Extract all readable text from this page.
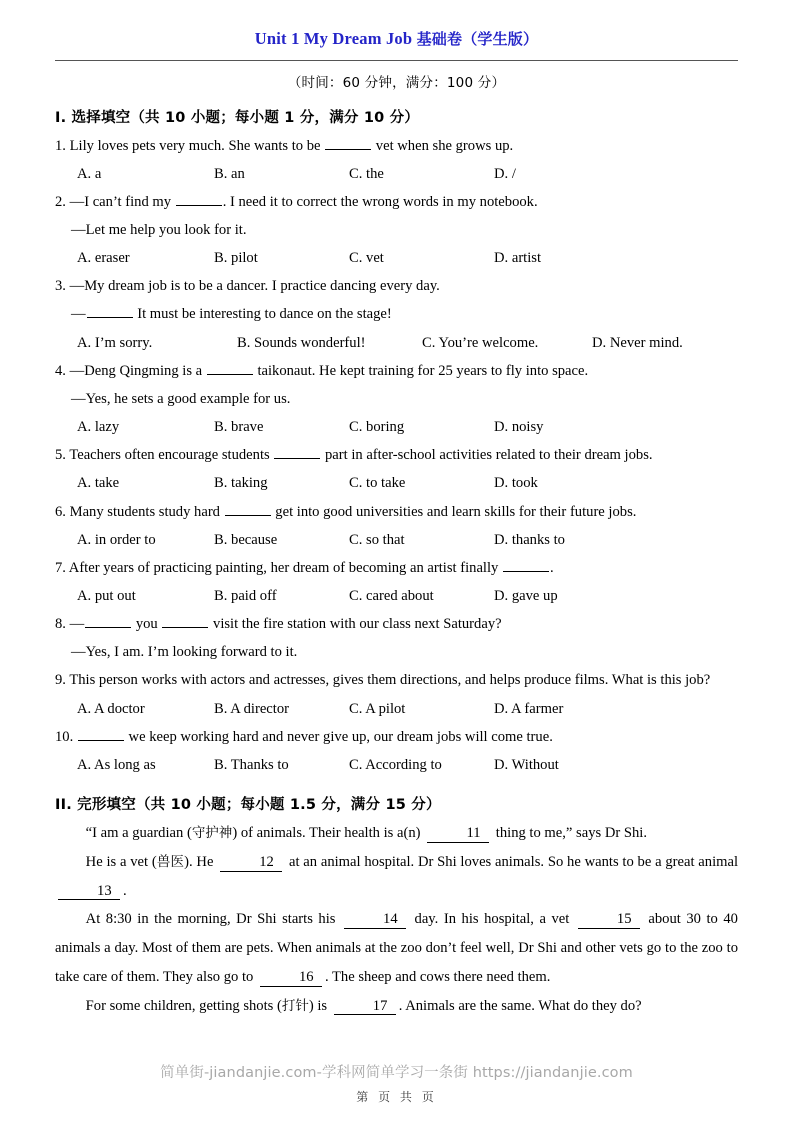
Unit 1 My Dream Job 基础卷（学生版）
（时间：60 分钟，满分：100 分）
I. 选择填空（共 10 小题；每小题 1 分，满分 10 分）
1. Lily loves pets very much. She wants to be	vet when she grows up.
A. a	B. an	C. the	D. /
2. —I can’t find my	. I need it to correct the wrong words in my notebook.
—Let me help you look for it.
A. eraser	B. pilot	C. vet	D. artist
3. —My dream job is to be a dancer. I practice dancing every day.
—	It must be interesting to dance on the stage!
A. I’m sorry.	B. Sounds wonderful!	C. You’re welcome.	D. Never mind.
4. —Deng Qingming is a	taikonaut. He kept training for 25 years to fly into space.
—Yes, he sets a good example for us.
A. lazy	B. brave	C. boring	D. noisy
5. Teachers often encourage students	part in after-school activities related to their dream jobs.
A. take	B. taking	C. to take	D. took
6. Many students study hard	get into good universities and learn skills for their future jobs.
A. in order to	B. because	C. so that	D. thanks to
7. After years of practicing painting, her dream of becoming an artist finally	.
A. put out	B. paid off	C. cared about	D. gave up
8. —	you	visit the fire station with our class next Saturday?
—Yes, I am. I’m looking forward to it.
9. This person works with actors and actresses, gives them directions, and helps produce films. What is this job?
A. A doctor	B. A director	C. A pilot	D. A farmer
10.	we keep working hard and never give up, our dream jobs will come true.
A. As long as	B. Thanks to	C. According to	D. Without
II. 完形填空（共 10 小题；每小题 1.5 分，满分 15 分）

“I am a guardian (守护神) of animals. Their health is a(n)	11 thing to me,” says Dr Shi.

He is a vet (兽医). He	12 at an animal hospital. Dr Shi loves animals. So he wants to be a great animal 13 .

At 8:30 in the morning, Dr Shi starts his	14 day. In his hospital, a vet	15 about 30 to 40 animals a day. Most of them are pets. When animals at the zoo don’t feel well, Dr Shi and other vets go to the zoo to take care of them. They also go to	16 . The sheep and cows there need them.

For some children, getting shots (打针) is	17 . Animals are the same. What do they do?

简单街-jiandanjie.com-学科网简单学习一条街 https://jiandanjie.com
第 页 共 页
